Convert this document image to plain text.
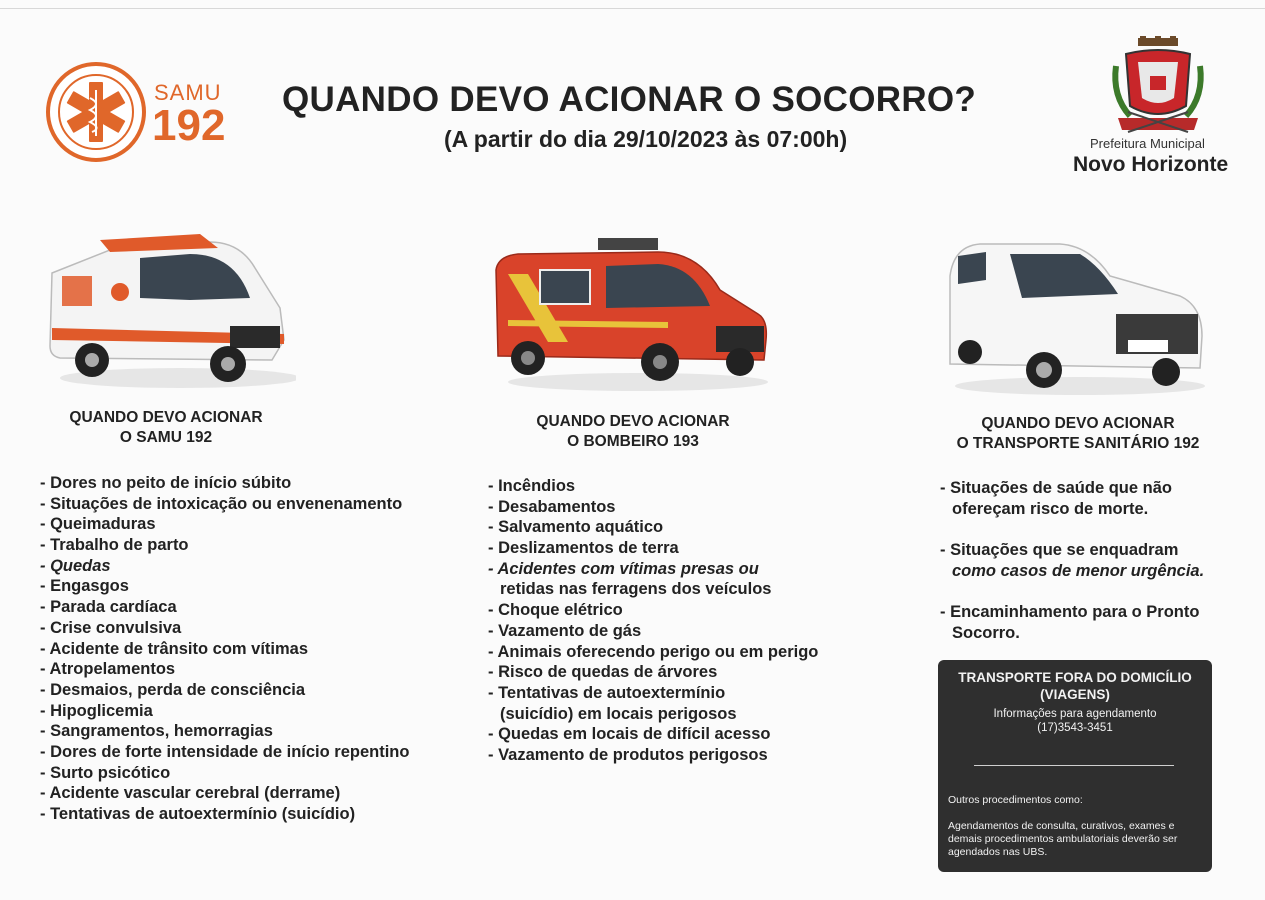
SAMU
192
QUANDO DEVO ACIONAR O SOCORRO?
(A partir do dia 29/10/2023 às 07:00h)	Prefeitura Municipal
Novo Horizonte
QUANDO DEVO ACIONAR
O SAMU 192
QUANDO DEVO ACIONAR
O BOMBEIRO 193
QUANDO DEVO ACIONAR
O TRANSPORTE SANITÁRIO 192
- Dores no peito de início súbito
- Situações de intoxicação ou envenenamento
- Queimaduras
- Trabalho de parto
- Quedas
- Engasgos
- Parada cardíaca
- Crise convulsiva
- Acidente de trânsito com vítimas
- Atropelamentos
- Desmaios, perda de consciência
- Hipoglicemia
- Sangramentos, hemorragias
- Dores de forte intensidade de início repentino
- Surto psicótico
- Acidente vascular cerebral (derrame)
- Tentativas de autoextermínio (suicídio)
- Incêndios
- Desabamentos
- Salvamento aquático
- Deslizamentos de terra
- Acidentes com vítimas presas ou
retidas nas ferragens dos veículos
- Choque elétrico
- Vazamento de gás
- Animais oferecendo perigo ou em perigo
- Risco de quedas de árvores
- Tentativas de autoextermínio
(suicídio) em locais perigosos
- Quedas em locais de difícil acesso
- Vazamento de produtos perigosos
- Situações de saúde que não
ofereçam risco de morte.
- Situações que se enquadram
como casos de menor urgência.
- Encaminhamento para o Pronto
Socorro.
TRANSPORTE FORA DO DOMICÍLIO
(VIAGENS)
Informações para agendamento
(17)3543-3451
Outros procedimentos como:
Agendamentos de consulta, curativos, exames e demais procedimentos ambulatoriais deverão ser agendados nas UBS.
